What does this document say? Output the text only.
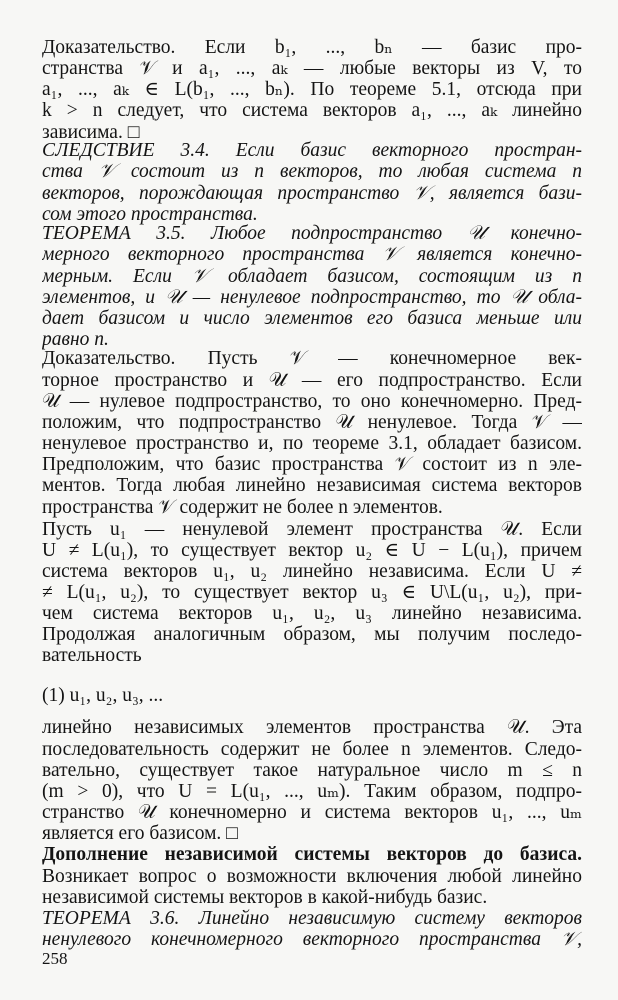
Доказательство. Если b₁, ..., bₙ — базис про-
странства 𝒱 и a₁, ..., aₖ — любые векторы из V, то
a₁, ..., aₖ ∈ L(b₁, ..., bₙ). По теореме 5.1, отсюда при
k > n следует, что система векторов a₁, ..., aₖ линейно
зависима. □
СЛЕДСТВИЕ 3.4. Если базис векторного простран-
ства 𝒱 состоит из n векторов, то любая система n
векторов, порождающая пространство 𝒱, является бази-
сом этого пространства.
ТЕОРЕМА 3.5. Любое подпространство 𝒰 конечно-
мерного векторного пространства 𝒱 является конечно-
мерным. Если 𝒱 обладает базисом, состоящим из n
элементов, и 𝒰 — ненулевое подпространство, то 𝒰 обла-
дает базисом и число элементов его базиса меньше или
равно n.
Доказательство. Пусть 𝒱 — конечномерное век-
торное пространство и 𝒰 — его подпространство. Если
𝒰 — нулевое подпространство, то оно конечномерно. Пред-
положим, что подпространство 𝒰 ненулевое. Тогда 𝒱 —
ненулевое пространство и, по теореме 3.1, обладает базисом.
Предположим, что базис пространства 𝒱 состоит из n эле-
ментов. Тогда любая линейно независимая система векторов
пространства 𝒱 содержит не более n элементов.
Пусть u₁ — ненулевой элемент пространства 𝒰. Если
U ≠ L(u₁), то существует вектор u₂ ∈ U − L(u₁), причем
система векторов u₁, u₂ линейно независима. Если U ≠
≠ L(u₁, u₂), то существует вектор u₃ ∈ U\L(u₁, u₂), при-
чем система векторов u₁, u₂, u₃ линейно независима.
Продолжая аналогичным образом, мы получим последо-
вательность
(1) u₁, u₂, u₃, ...
линейно независимых элементов пространства 𝒰. Эта
последовательность содержит не более n элементов. Следо-
вательно, существует такое натуральное число m ≤ n
(m > 0), что U = L(u₁, ..., uₘ). Таким образом, подпро-
странство 𝒰 конечномерно и система векторов u₁, ..., uₘ
является его базисом. □
Дополнение независимой системы векторов до базиса.
Возникает вопрос о возможности включения любой линейно
независимой системы векторов в какой-нибудь базис.
ТЕОРЕМА 3.6. Линейно независимую систему векторов
ненулевого конечномерного векторного пространства 𝒱,
258
